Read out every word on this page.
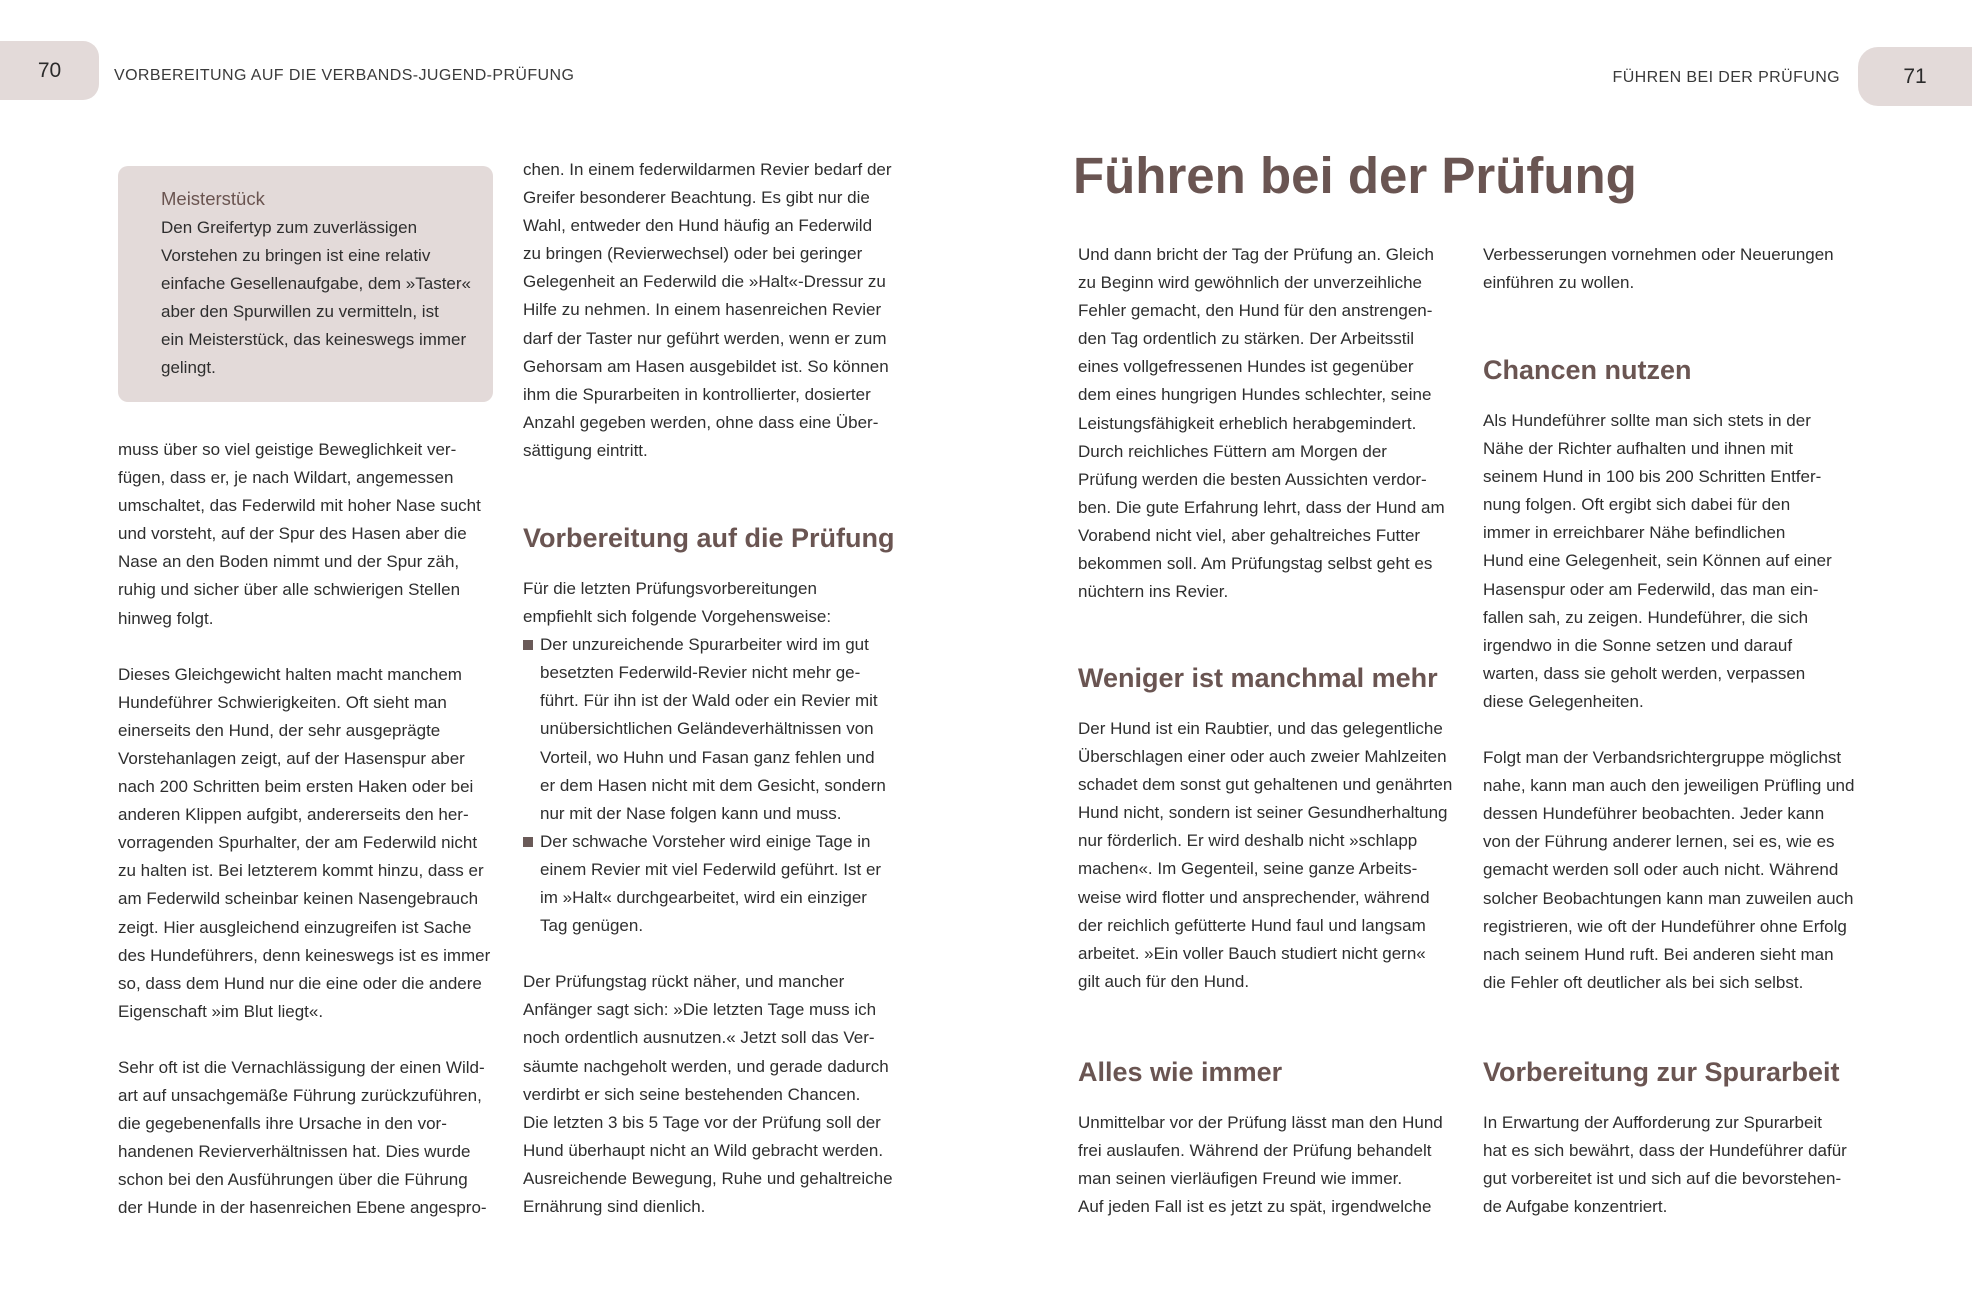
70	VORBEREITUNG AUF DIE VERBANDS-JUGEND-PRÜFUNG	FÜHREN BEI DER PRÜFUNG	71
Meisterstück
Den Greifertyp zum zuverlässigen
Vorstehen zu bringen ist eine relativ
einfache Gesellenaufgabe, dem »Taster«
aber den Spurwillen zu vermitteln, ist
ein Meisterstück, das keineswegs immer
gelingt.

muss über so viel geistige Beweglichkeit ver-
fügen, dass er, je nach Wildart, angemessen
umschaltet, das Federwild mit hoher Nase sucht
und vorsteht, auf der Spur des Hasen aber die
Nase an den Boden nimmt und der Spur zäh,
ruhig und sicher über alle schwierigen Stellen
hinweg folgt.

Dieses Gleichgewicht halten macht manchem
Hundeführer Schwierigkeiten. Oft sieht man
einerseits den Hund, der sehr ausgeprägte
Vorstehanlagen zeigt, auf der Hasenspur aber
nach 200 Schritten beim ersten Haken oder bei
anderen Klippen aufgibt, andererseits den her-
vorragenden Spurhalter, der am Federwild nicht
zu halten ist. Bei letzterem kommt hinzu, dass er
am Federwild scheinbar keinen Nasengebrauch
zeigt. Hier ausgleichend einzugreifen ist Sache
des Hundeführers, denn keineswegs ist es immer
so, dass dem Hund nur die eine oder die andere
Eigenschaft »im Blut liegt«.

Sehr oft ist die Vernachlässigung der einen Wild-
art auf unsachgemäße Führung zurückzuführen,
die gegebenenfalls ihre Ursache in den vor-
handenen Revierverhältnissen hat. Dies wurde
schon bei den Ausführungen über die Führung
der Hunde in der hasenreichen Ebene angespro-

chen. In einem federwildarmen Revier bedarf der
Greifer besonderer Beachtung. Es gibt nur die
Wahl, entweder den Hund häufig an Federwild
zu bringen (Revierwechsel) oder bei geringer
Gelegenheit an Federwild die »Halt«-Dressur zu
Hilfe zu nehmen. In einem hasenreichen Revier
darf der Taster nur geführt werden, wenn er zum
Gehorsam am Hasen ausgebildet ist. So können
ihm die Spurarbeiten in kontrollierter, dosierter
Anzahl gegeben werden, ohne dass eine Über-
sättigung eintritt.

Vorbereitung auf die Prüfung

Für die letzten Prüfungsvorbereitungen
empfiehlt sich folgende Vorgehensweise:

Der unzureichende Spurarbeiter wird im gut
besetzten Federwild-Revier nicht mehr ge-
führt. Für ihn ist der Wald oder ein Revier mit
unübersichtlichen Geländeverhältnissen von
Vorteil, wo Huhn und Fasan ganz fehlen und
er dem Hasen nicht mit dem Gesicht, sondern
nur mit der Nase folgen kann und muss.
Der schwache Vorsteher wird einige Tage in
einem Revier mit viel Federwild geführt. Ist er
im »Halt« durchgearbeitet, wird ein einziger
Tag genügen.

Der Prüfungstag rückt näher, und mancher
Anfänger sagt sich: »Die letzten Tage muss ich
noch ordentlich ausnutzen.« Jetzt soll das Ver-
säumte nachgeholt werden, und gerade dadurch
verdirbt er sich seine bestehenden Chancen.
Die letzten 3 bis 5 Tage vor der Prüfung soll der
Hund überhaupt nicht an Wild gebracht werden.
Ausreichende Bewegung, Ruhe und gehaltreiche
Ernährung sind dienlich.

Führen bei der Prüfung

Und dann bricht der Tag der Prüfung an. Gleich
zu Beginn wird gewöhnlich der unverzeihliche
Fehler gemacht, den Hund für den anstrengen-
den Tag ordentlich zu stärken. Der Arbeitsstil
eines vollgefressenen Hundes ist gegenüber
dem eines hungrigen Hundes schlechter, seine
Leistungsfähigkeit erheblich herabgemindert.
Durch reichliches Füttern am Morgen der
Prüfung werden die besten Aussichten verdor-
ben. Die gute Erfahrung lehrt, dass der Hund am
Vorabend nicht viel, aber gehaltreiches Futter
bekommen soll. Am Prüfungstag selbst geht es
nüchtern ins Revier.

Weniger ist manchmal mehr

Der Hund ist ein Raubtier, und das gelegentliche
Überschlagen einer oder auch zweier Mahlzeiten
schadet dem sonst gut gehaltenen und genährten
Hund nicht, sondern ist seiner Gesundherhaltung
nur förderlich. Er wird deshalb nicht »schlapp
machen«. Im Gegenteil, seine ganze Arbeits-
weise wird flotter und ansprechender, während
der reichlich gefütterte Hund faul und langsam
arbeitet. »Ein voller Bauch studiert nicht gern«
gilt auch für den Hund.

Alles wie immer

Unmittelbar vor der Prüfung lässt man den Hund
frei auslaufen. Während der Prüfung behandelt
man seinen vierläufigen Freund wie immer.
Auf jeden Fall ist es jetzt zu spät, irgendwelche

Verbesserungen vornehmen oder Neuerungen
einführen zu wollen.

Chancen nutzen

Als Hundeführer sollte man sich stets in der
Nähe der Richter aufhalten und ihnen mit
seinem Hund in 100 bis 200 Schritten Entfer-
nung folgen. Oft ergibt sich dabei für den
immer in erreichbarer Nähe befindlichen
Hund eine Gelegenheit, sein Können auf einer
Hasenspur oder am Federwild, das man ein-
fallen sah, zu zeigen. Hundeführer, die sich
irgendwo in die Sonne setzen und darauf
warten, dass sie geholt werden, verpassen
diese Gelegenheiten.

Folgt man der Verbandsrichtergruppe möglichst
nahe, kann man auch den jeweiligen Prüfling und
dessen Hundeführer beobachten. Jeder kann
von der Führung anderer lernen, sei es, wie es
gemacht werden soll oder auch nicht. Während
solcher Beobachtungen kann man zuweilen auch
registrieren, wie oft der Hundeführer ohne Erfolg
nach seinem Hund ruft. Bei anderen sieht man
die Fehler oft deutlicher als bei sich selbst.

Vorbereitung zur Spurarbeit

In Erwartung der Aufforderung zur Spurarbeit
hat es sich bewährt, dass der Hundeführer dafür
gut vorbereitet ist und sich auf die bevorstehen-
de Aufgabe konzentriert.
